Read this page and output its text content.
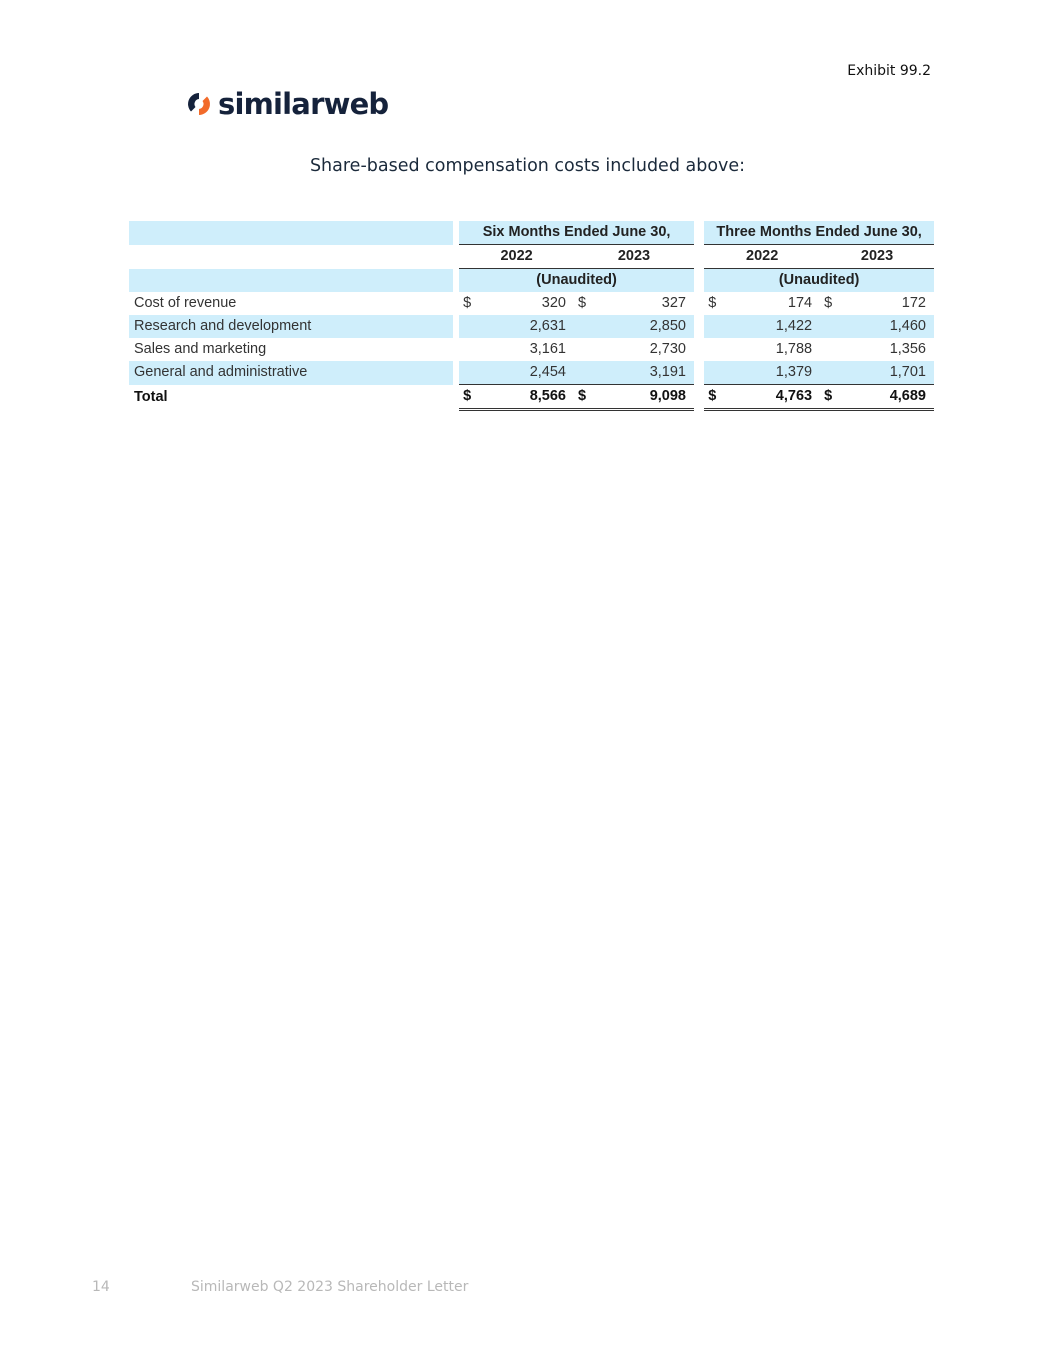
Exhibit 99.2
similarweb
Share-based compensation costs included above:
		Six Months Ended June 30,					Three Months Ended June 30,			
		2022		2023			2022		2023	
		(Unaudited)					(Unaudited)			
Cost of revenue		$	320	$	327		$	174	$	172
Research and development			2,631		2,850			1,422		1,460
Sales and marketing			3,161		2,730			1,788		1,356
General and administrative			2,454		3,191			1,379		1,701
Total		$	8,566	$	9,098		$	4,763	$	4,689
14	Similarweb Q2 2023 Shareholder Letter
